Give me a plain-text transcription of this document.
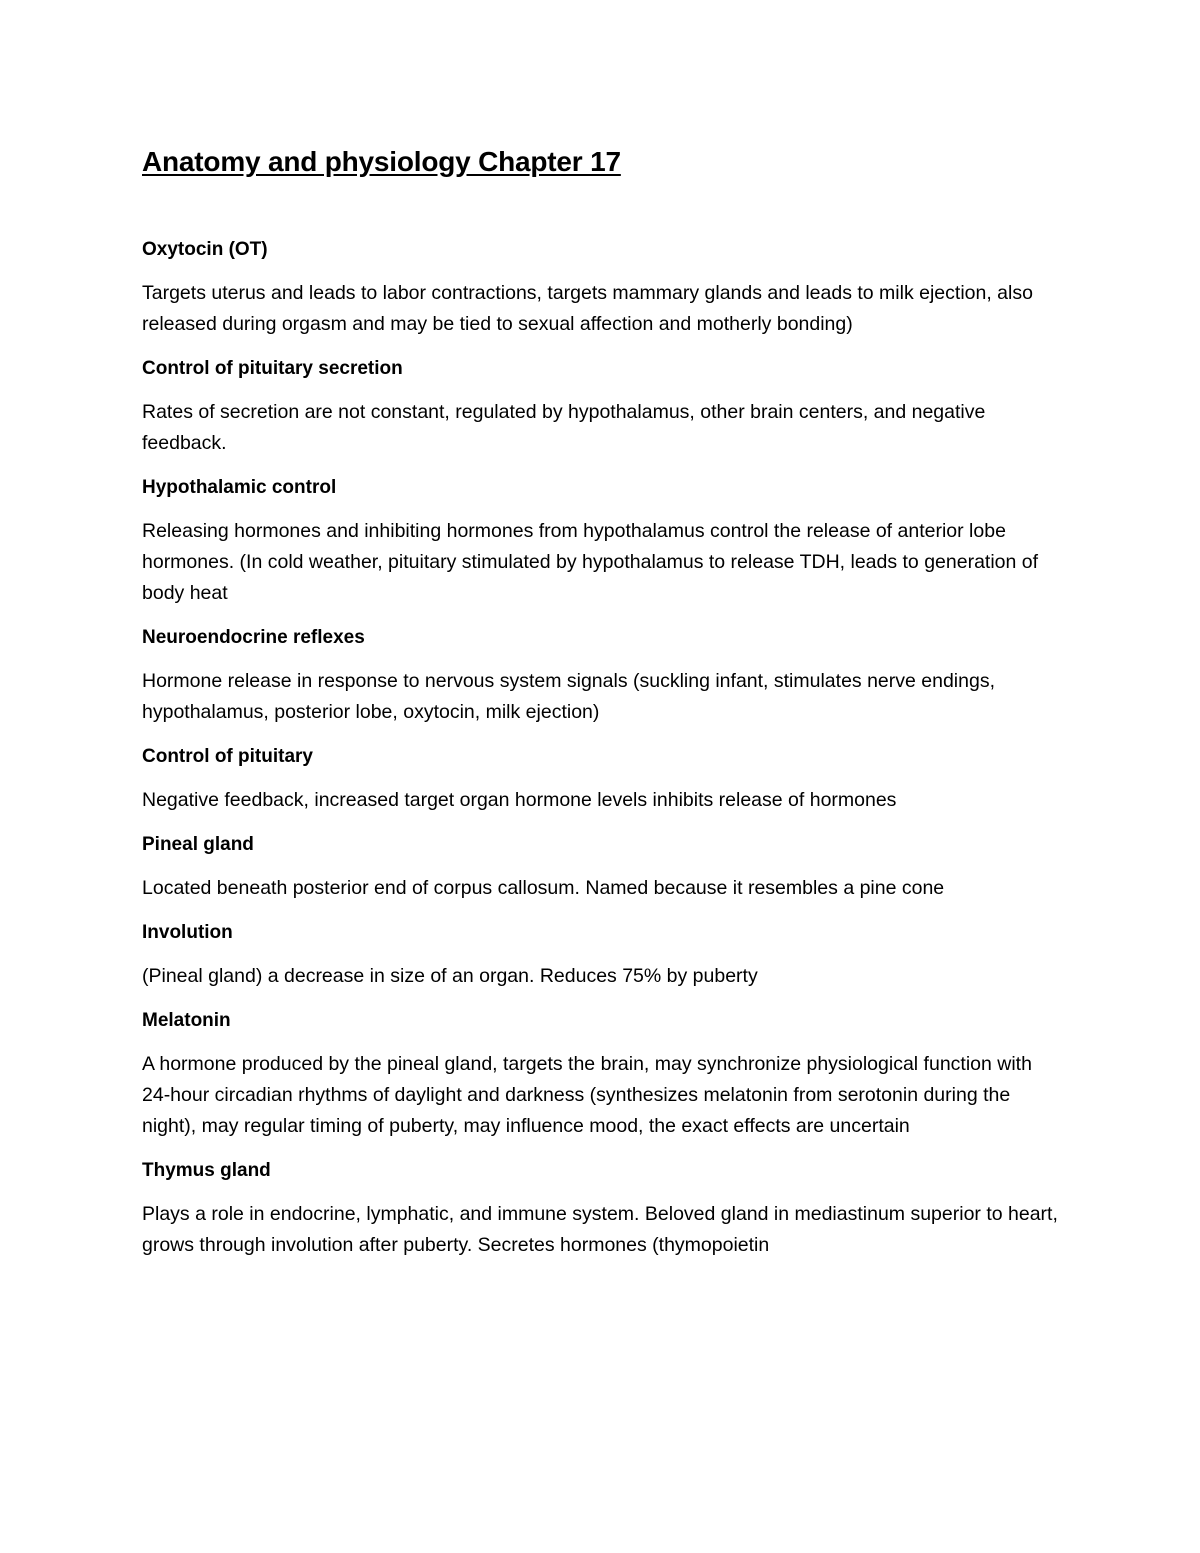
Anatomy and physiology Chapter 17
Oxytocin (OT)

Targets uterus and leads to labor contractions, targets mammary glands and leads to milk ejection, also released during orgasm and may be tied to sexual affection and motherly bonding)

Control of pituitary secretion

Rates of secretion are not constant, regulated by hypothalamus, other brain centers, and negative feedback.

Hypothalamic control

Releasing hormones and inhibiting hormones from hypothalamus control the release of anterior lobe hormones. (In cold weather, pituitary stimulated by hypothalamus to release TDH, leads to generation of body heat

Neuroendocrine reflexes

Hormone release in response to nervous system signals (suckling infant, stimulates nerve endings, hypothalamus, posterior lobe, oxytocin, milk ejection)

Control of pituitary

Negative feedback, increased target organ hormone levels inhibits release of hormones

Pineal gland

Located beneath posterior end of corpus callosum. Named because it resembles a pine cone

Involution

(Pineal gland) a decrease in size of an organ. Reduces 75% by puberty

Melatonin

A hormone produced by the pineal gland, targets the brain, may synchronize physiological function with 24-hour circadian rhythms of daylight and darkness (synthesizes melatonin from serotonin during the night), may regular timing of puberty, may influence mood, the exact effects are uncertain

Thymus gland

Plays a role in endocrine, lymphatic, and immune system. Beloved gland in mediastinum superior to heart, grows through involution after puberty. Secretes hormones (thymopoietin
